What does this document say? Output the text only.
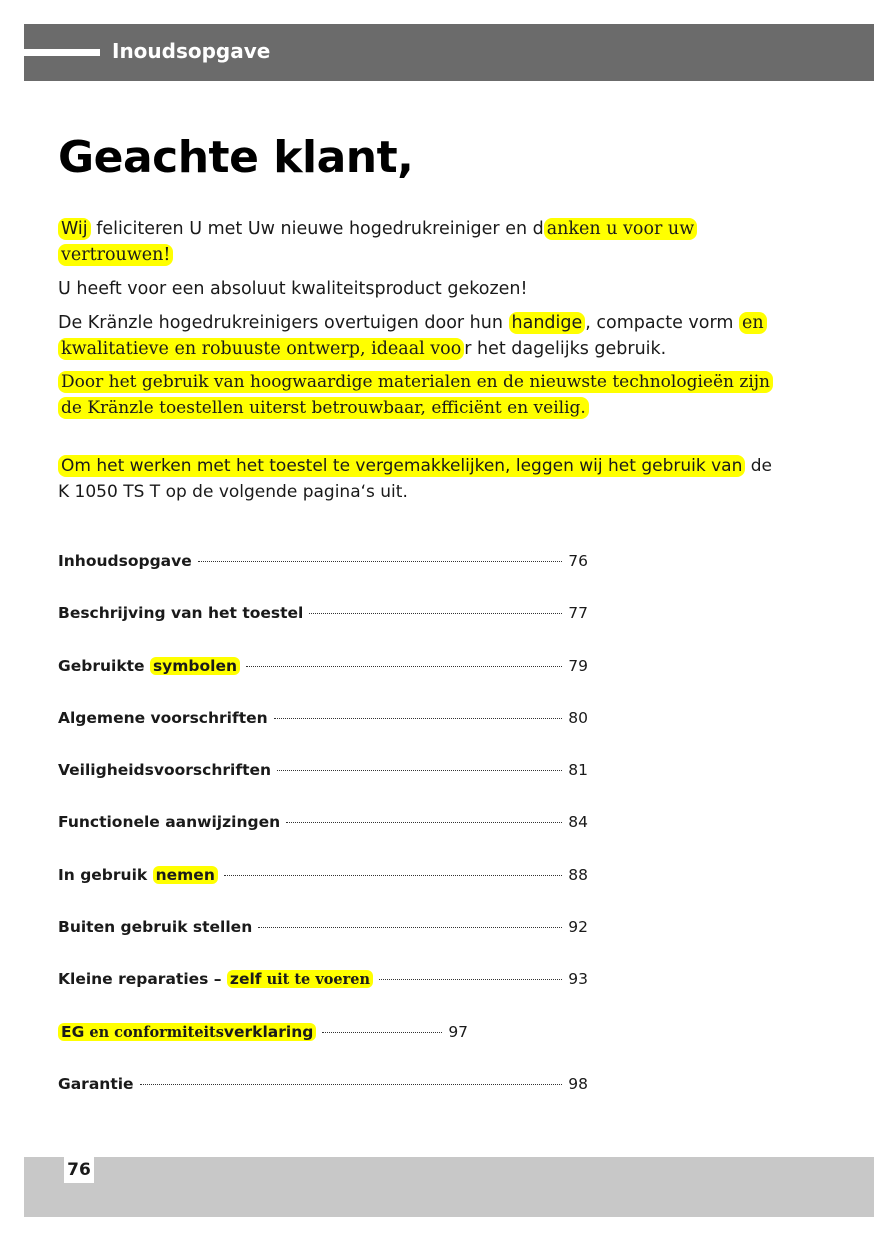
Inoudsopgave
Geachte klant,

Wij feliciteren U met Uw nieuwe hogedrukreiniger en d anken u voor uw vertrouwen!

U heeft voor een absoluut kwaliteitsproduct gekozen!

De Kränzle hogedrukreinigers overtuigen door hun handige , compacte vorm en kwalitatieve en robuuste ontwerp, ideaal voo r het dagelijks gebruik.

Door het gebruik van hoogwaardige materialen en de nieuwste technologieën zijn de Kränzle toestellen uiterst betrouwbaar, efficiënt en veilig.

Om het werken met het toestel te vergemakkelijken, leggen wij het gebruik van de K 1050 TS T op de volgende pagina‘s uit.

Inhoudsopgave	76
Beschrijving van het toestel	77
Gebruikte symbolen	79
Algemene voorschriften	80
Veiligheidsvoorschriften	81
Functionele aanwijzingen	84
In gebruik nemen	88
Buiten gebruik stellen	92
Kleine reparaties – zelf uit te voeren	93
EG en conformiteitsverklaring	97
Garantie	98
76
